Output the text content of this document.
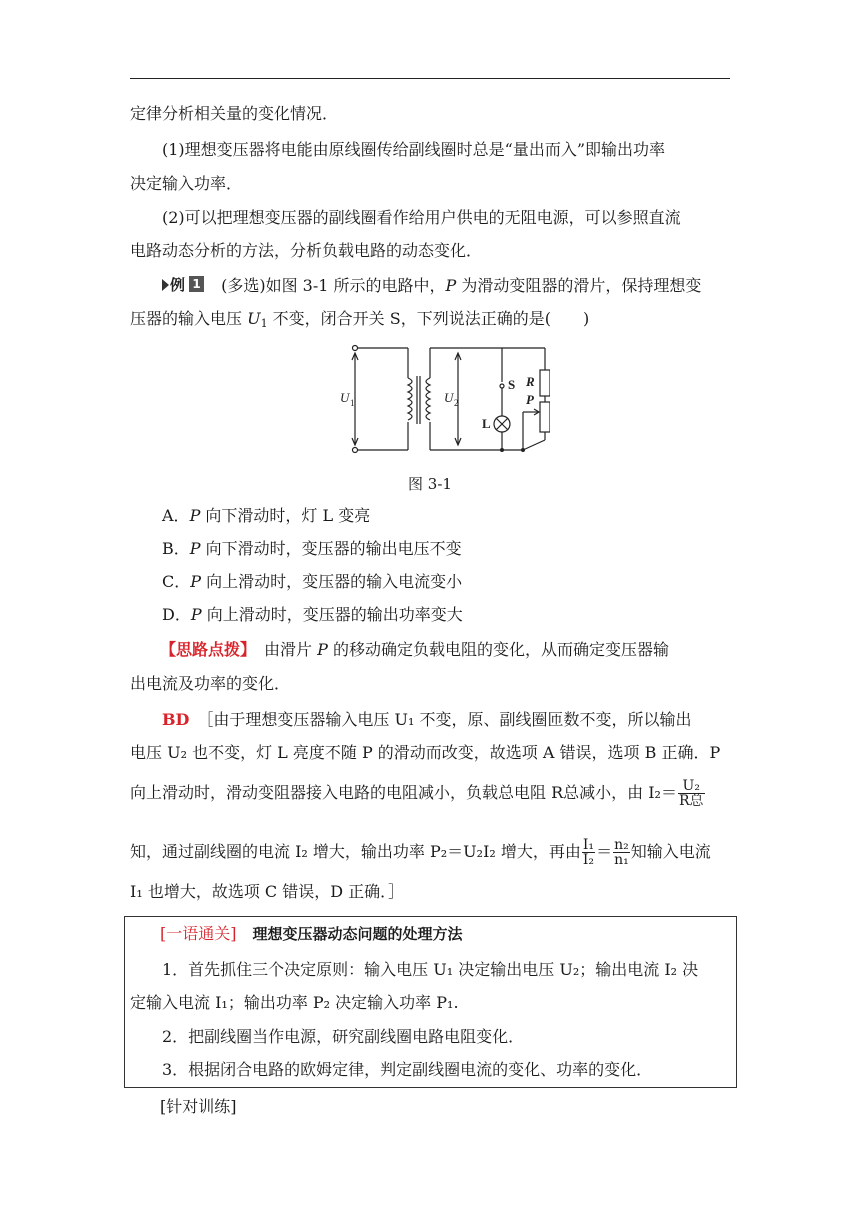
定律分析相关量的变化情况．
(1)理想变压器将电能由原线圈传给副线圈时总是“量出而入”即输出功率
决定输入功率．
(2)可以把理想变压器的副线圈看作给用户供电的无阻电源，可以参照直流
电路动态分析的方法，分析负载电路的动态变化．
例 1 (多选)如图 3-1 所示的电路中，P 为滑动变阻器的滑片，保持理想变
压器的输入电压 $U_1$ 不变，闭合开关 S，下列说法正确的是(　　)
U 1	U 2
S R
L
P
图 3-1
A．P 向下滑动时，灯 L 变亮
B．P 向下滑动时，变压器的输出电压不变
C．P 向上滑动时，变压器的输入电流变小
D．P 向上滑动时，变压器的输出功率变大
【思路点拨】　由滑片 P 的移动确定负载电阻的变化，从而确定变压器输
出电流及功率的变化．
BD　 ［由于理想变压器输入电压 U₁ 不变，原、副线圈匝数不变，所以输出
电压 U₂ 也不变，灯 L 亮度不随 P 的滑动而改变，故选项 A 错误，选项 B 正确．P
向上滑动时，滑动变阻器接入电路的电阻减小，负载总电阻 R总减小，由 $I_2= \frac{\text{U₂}}{\text{R总}}$
知，通过副线圈的电流 I₂ 增大，输出功率 P₂＝U₂I₂ 增大，再由 $\frac{\text{I₁}}{\text{I₂}} = \frac{\text{n₂}}{\text{n₁}}$ 知输入电流
I₁ 也增大，故选项 C 错误，D 正确．］
[一语通关]　 理想变压器动态问题的处理方法
1．首先抓住三个决定原则：输入电压 U₁ 决定输出电压 U₂；输出电流 I₂ 决
定输入电流 I₁；输出功率 P₂ 决定输入功率 P₁.
2．把副线圈当作电源，研究副线圈电路电阻变化．
3．根据闭合电路的欧姆定律，判定副线圈电流的变化、功率的变化．
[针对训练]
